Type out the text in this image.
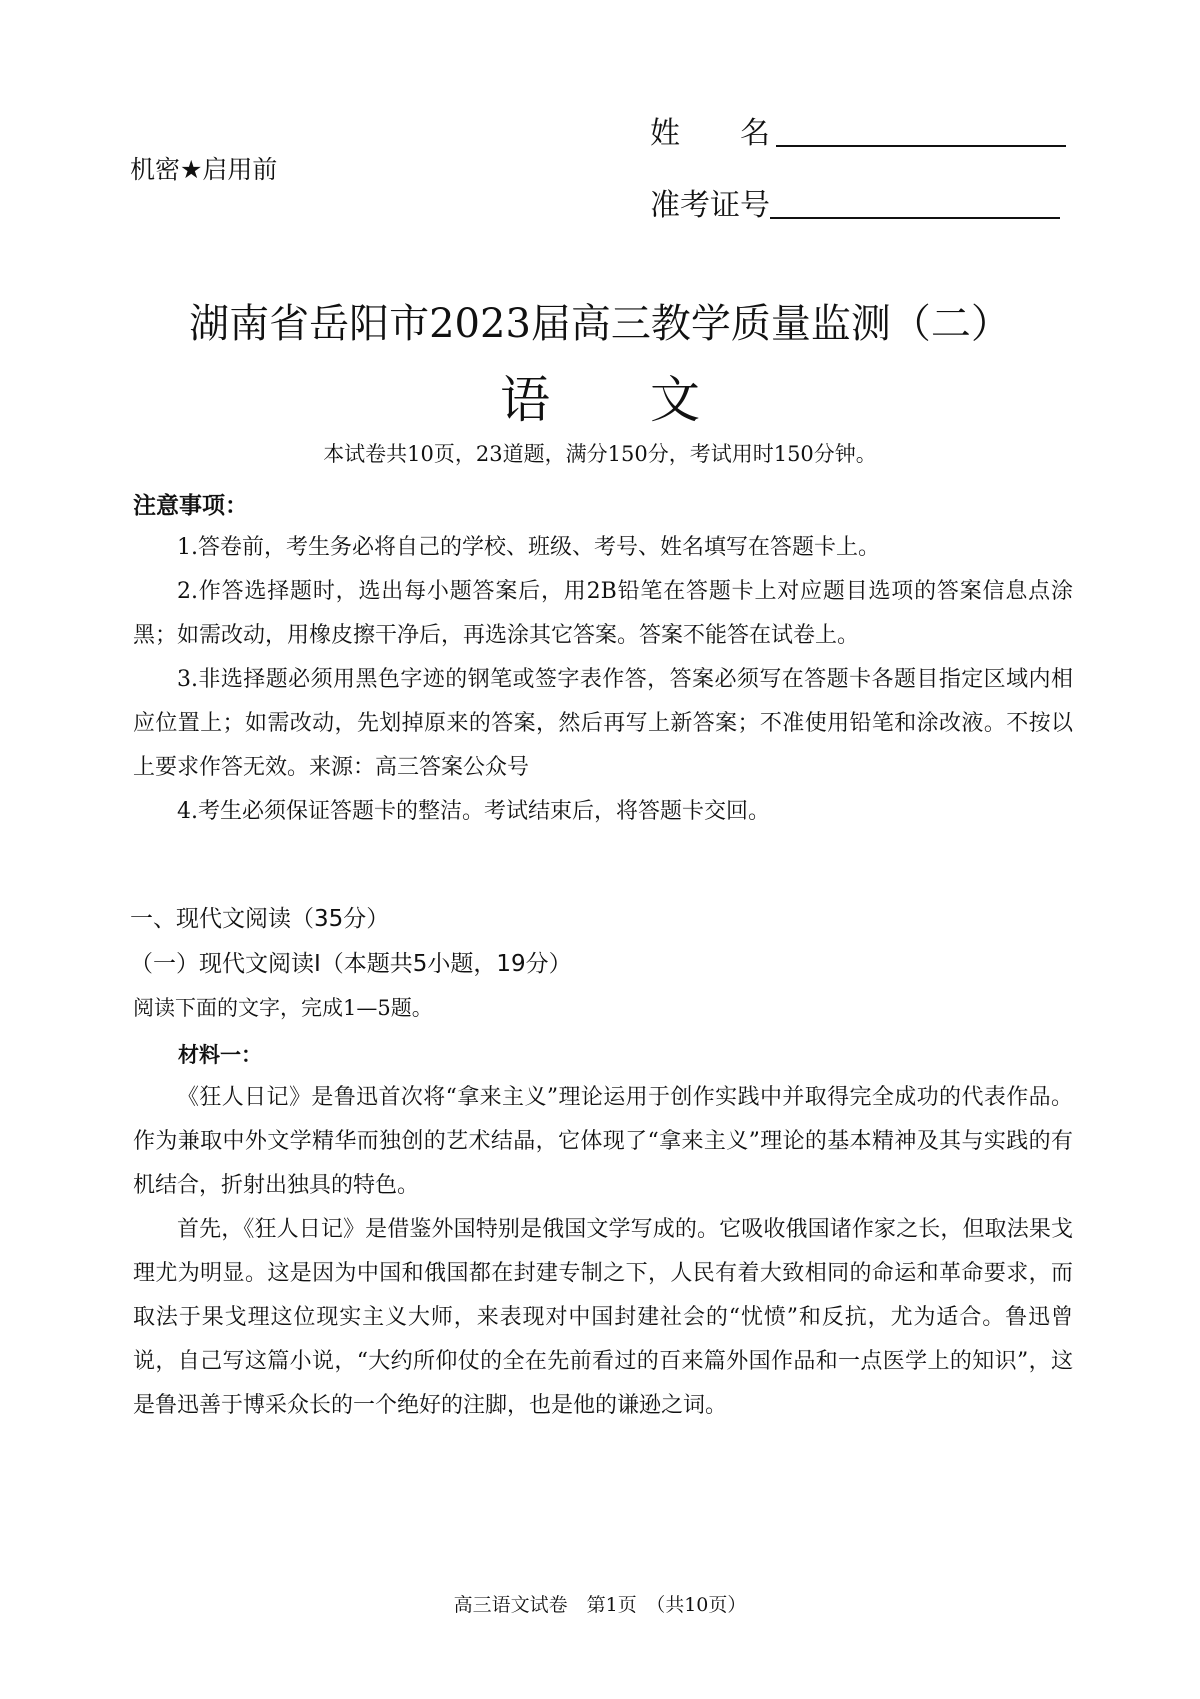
机密★启用前
姓　　名
准考证号
湖南省岳阳市2023届高三教学质量监测（二）
语 文
本试卷共10页，23道题，满分150分，考试用时150分钟。
注意事项：
1.答卷前，考生务必将自己的学校、班级、考号、姓名填写在答题卡上。
2.作答选择题时，选出每小题答案后，用2B铅笔在答题卡上对应题目选项的答案信息点涂黑；如需改动，用橡皮擦干净后，再选涂其它答案。答案不能答在试卷上。
3.非选择题必须用黑色字迹的钢笔或签字表作答，答案必须写在答题卡各题目指定区域内相应位置上；如需改动，先划掉原来的答案，然后再写上新答案；不准使用铅笔和涂改液。不按以上要求作答无效。来源：高三答案公众号
4.考生必须保证答题卡的整洁。考试结束后，将答题卡交回。
一、现代文阅读（35分）
（一）现代文阅读I（本题共5小题，19分）
阅读下面的文字，完成1—5题。
材料一：
《狂人日记》是鲁迅首次将“拿来主义”理论运用于创作实践中并取得完全成功的代表作品。作为兼取中外文学精华而独创的艺术结晶，它体现了“拿来主义”理论的基本精神及其与实践的有机结合，折射出独具的特色。
首先，《狂人日记》是借鉴外国特别是俄国文学写成的。它吸收俄国诸作家之长，但取法果戈理尤为明显。这是因为中国和俄国都在封建专制之下，人民有着大致相同的命运和革命要求，而取法于果戈理这位现实主义大师，来表现对中国封建社会的“忧愤”和反抗，尤为适合。鲁迅曾说，自己写这篇小说，“大约所仰仗的全在先前看过的百来篇外国作品和一点医学上的知识”，这是鲁迅善于博采众长的一个绝好的注脚，也是他的谦逊之词。
高三语文试卷　第1页　（共10页）
